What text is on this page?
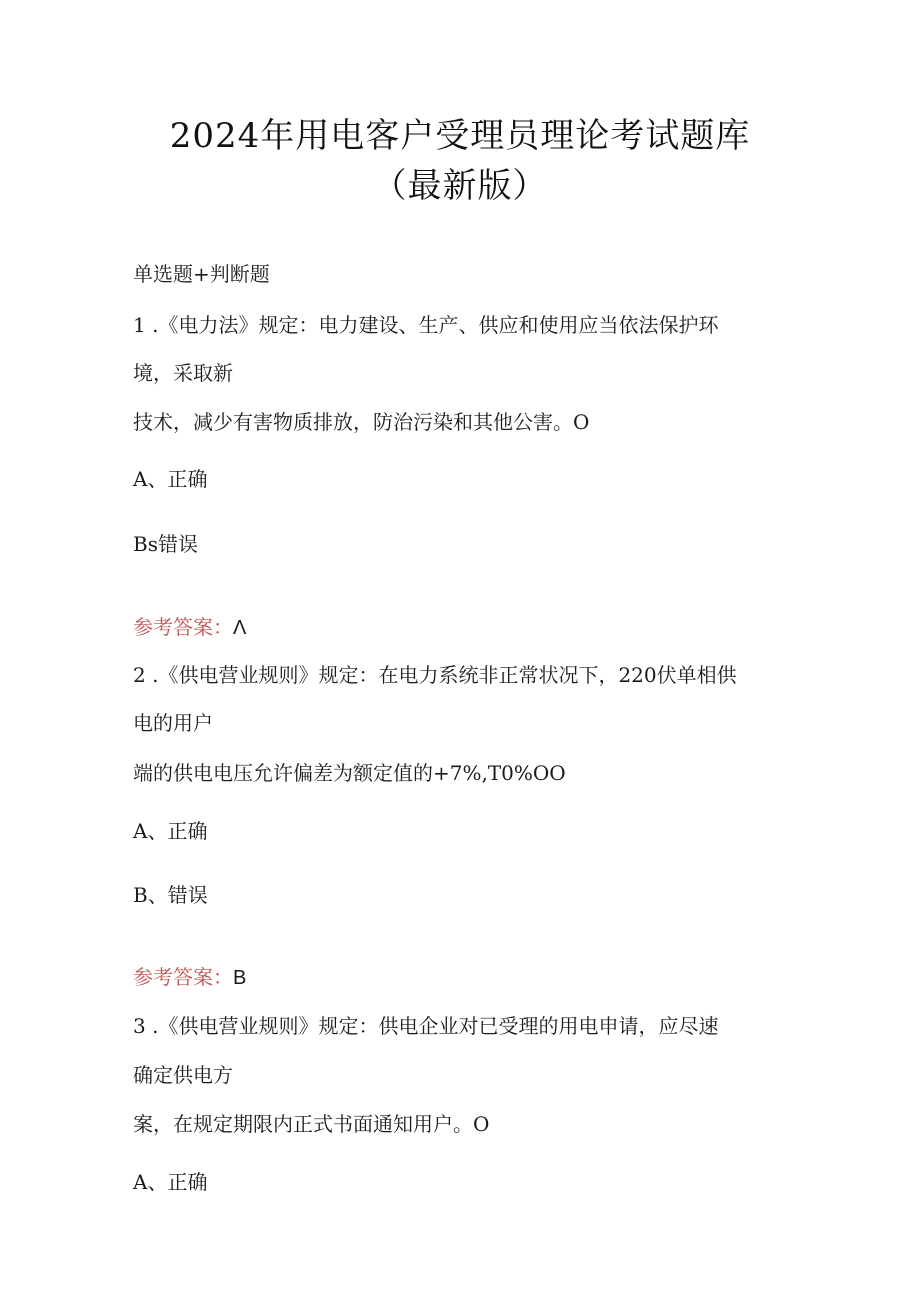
2024年用电客户受理员理论考试题库
（最新版）
单选题+判断题
1 .《电力法》规定：电力建设、生产、供应和使用应当依法保护环
境，采取新
技术，减少有害物质排放，防治污染和其他公害。O
A、正确
Bs错误
参考答案：Λ
2 .《供电营业规则》规定：在电力系统非正常状况下，220伏单相供
电的用户
端的供电电压允许偏差为额定值的+7%,T0%OO
A、正确
B、错误
参考答案：B
3 .《供电营业规则》规定：供电企业对已受理的用电申请，应尽速
确定供电方
案，在规定期限内正式书面通知用户。O
A、正确
